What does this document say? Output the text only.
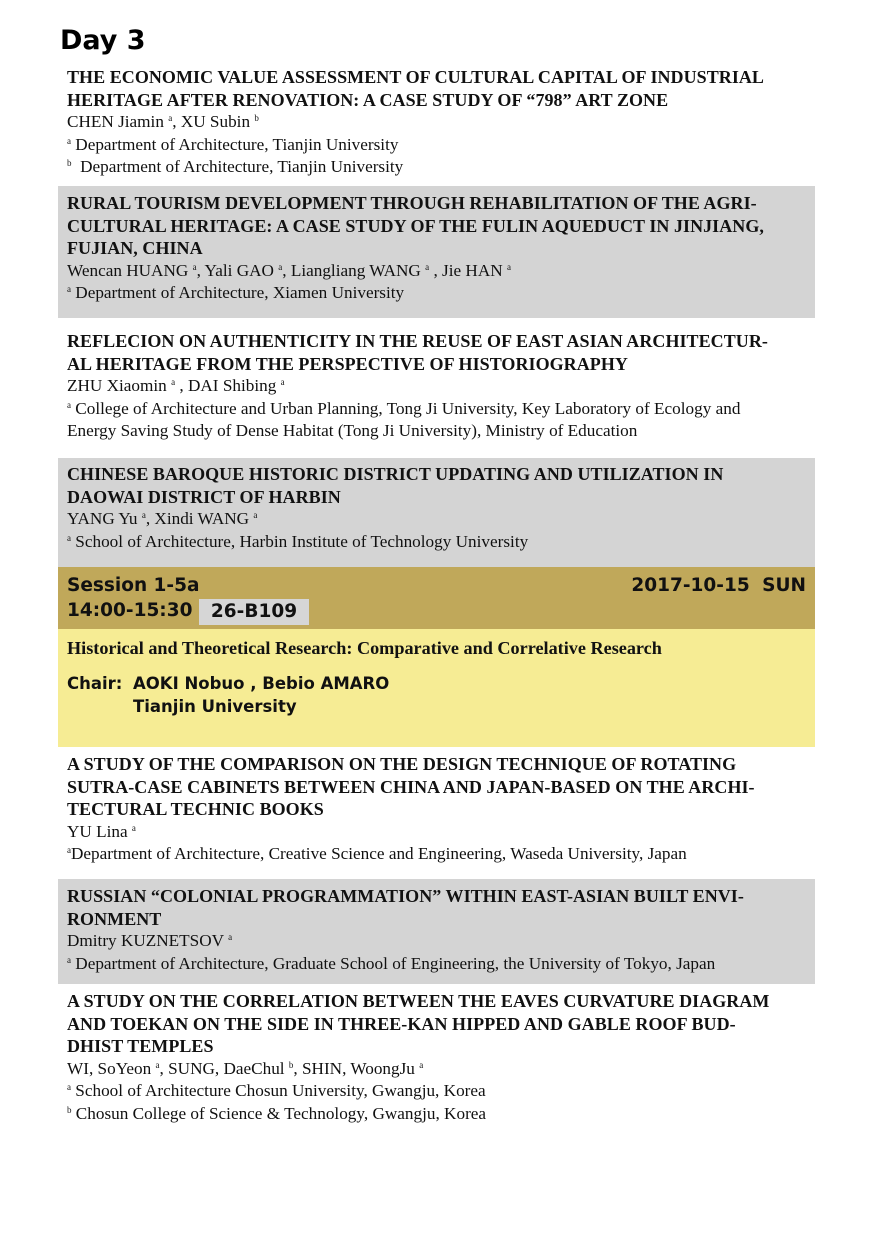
Day 3

THE ECONOMIC VALUE ASSESSMENT OF CULTURAL CAPITAL OF INDUSTRIAL
HERITAGE AFTER RENOVATION: A CASE STUDY OF “798” ART ZONE

CHEN Jiamin $^a$, XU Subin $^b$

$^a$ Department of Architecture, Tianjin University

$^b$ Department of Architecture, Tianjin University

RURAL TOURISM DEVELOPMENT THROUGH REHABILITATION OF THE AGRI-
CULTURAL HERITAGE: A CASE STUDY OF THE FULIN AQUEDUCT IN JINJIANG,
FUJIAN, CHINA

Wencan HUANG $^a$, Yali GAO $^a$, Liangliang WANG $^a$ , Jie HAN $^a$

$^a$ Department of Architecture, Xiamen University

REFLECION ON AUTHENTICITY IN THE REUSE OF EAST ASIAN ARCHITECTUR-
AL HERITAGE FROM THE PERSPECTIVE OF HISTORIOGRAPHY

ZHU Xiaomin $^a$ , DAI Shibing $^a$

$^a$ College of Architecture and Urban Planning, Tong Ji University, Key Laboratory of Ecology and

Energy Saving Study of Dense Habitat (Tong Ji University), Ministry of Education

CHINESE BAROQUE HISTORIC DISTRICT UPDATING AND UTILIZATION IN
DAOWAI DISTRICT OF HARBIN

YANG Yu $^a$, Xindi WANG $^a$

$^a$ School of Architecture, Harbin Institute of Technology University

Session 1-5a	2017-10-15 SUN
14:00-15:30 26-B109
Historical and Theoretical Research: Comparative and Correlative Research
Chair: AOKI Nobuo , Bebio AMARO
Tianjin University

A STUDY OF THE COMPARISON ON THE DESIGN TECHNIQUE OF ROTATING
SUTRA-CASE CABINETS BETWEEN CHINA AND JAPAN-BASED ON THE ARCHI-
TECTURAL TECHNIC BOOKS

YU Lina $^a$

$^a$Department of Architecture, Creative Science and Engineering, Waseda University, Japan

RUSSIAN “COLONIAL PROGRAMMATION” WITHIN EAST-ASIAN BUILT ENVI-
RONMENT

Dmitry KUZNETSOV $^a$

$^a$ Department of Architecture, Graduate School of Engineering, the University of Tokyo, Japan

A STUDY ON THE CORRELATION BETWEEN THE EAVES CURVATURE DIAGRAM
AND TOEKAN ON THE SIDE IN THREE-KAN HIPPED AND GABLE ROOF BUD-
DHIST TEMPLES

WI, SoYeon $^a$, SUNG, DaeChul $^b$, SHIN, WoongJu $^a$

$^a$ School of Architecture Chosun University, Gwangju, Korea

$^b$ Chosun College of Science & Technology, Gwangju, Korea
